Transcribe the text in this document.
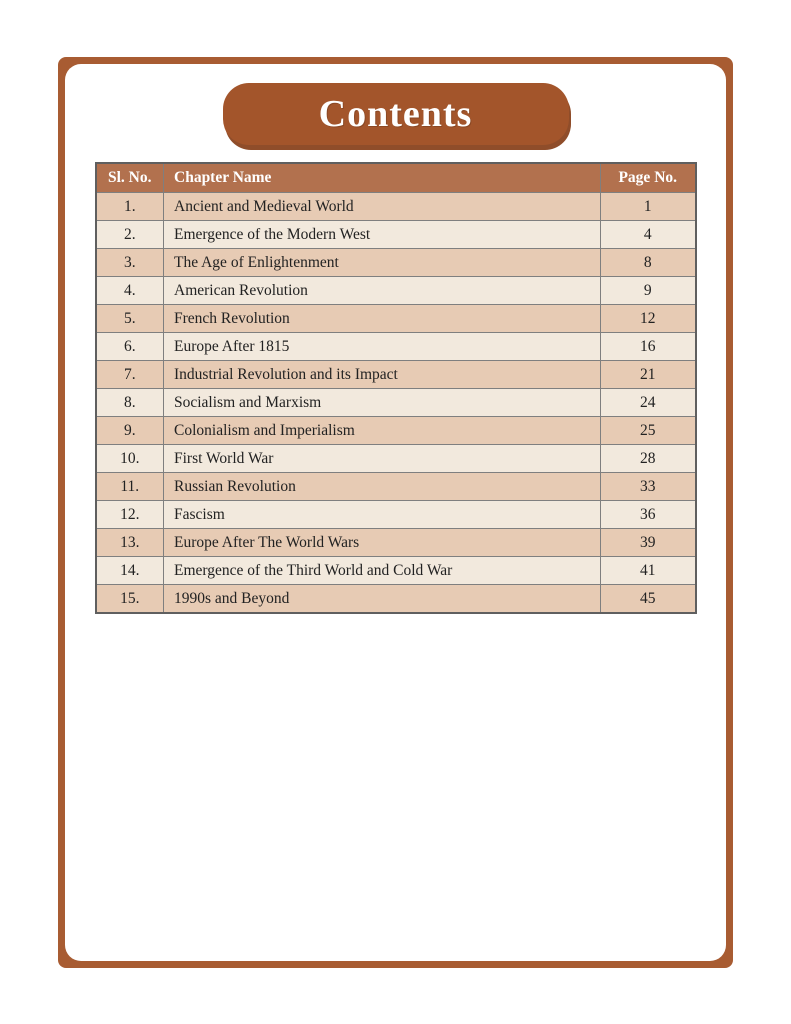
Contents
Sl. No.	Chapter Name	Page No.
1.	Ancient and Medieval World	1
2.	Emergence of the Modern West	4
3.	The Age of Enlightenment	8
4.	American Revolution	9
5.	French Revolution	12
6.	Europe After 1815	16
7.	Industrial Revolution and its Impact	21
8.	Socialism and Marxism	24
9.	Colonialism and Imperialism	25
10.	First World War	28
11.	Russian Revolution	33
12.	Fascism	36
13.	Europe After The World Wars	39
14.	Emergence of the Third World and Cold War	41
15.	1990s and Beyond	45
